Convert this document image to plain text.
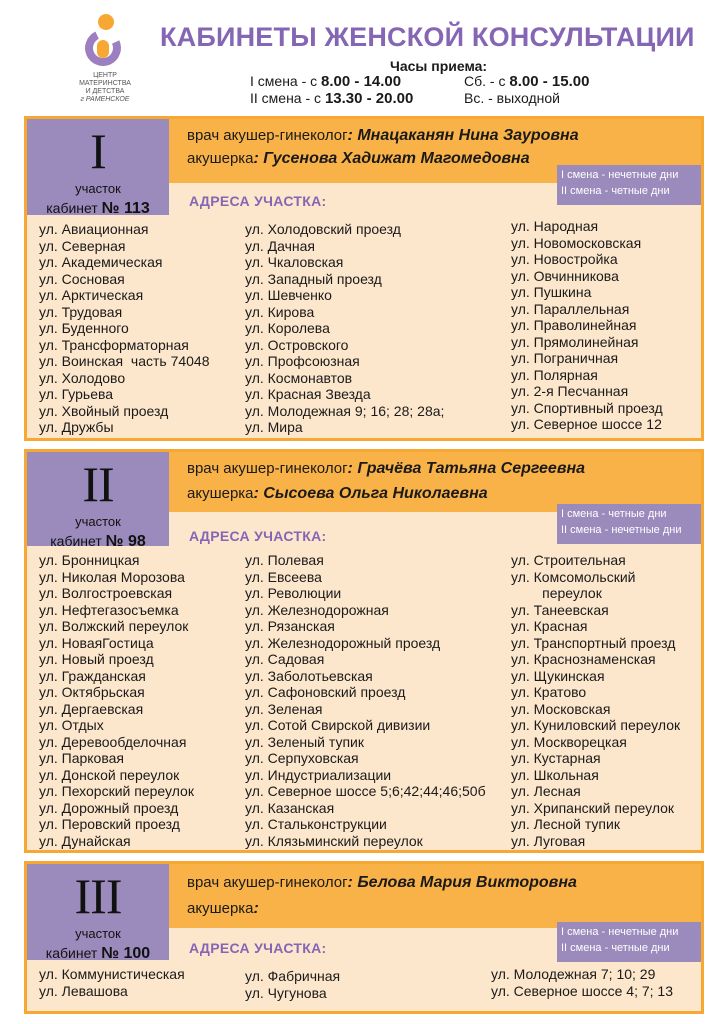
ЦЕНТР
МАТЕРИНСТВА
И ДЕТСТВА
г РАМЕНСКОЕ
КАБИНЕТЫ ЖЕНСКОЙ КОНСУЛЬТАЦИИ
Часы приема:
I смена - с 8.00 - 14.00
II смена - с 13.30 - 20.00
Сб. - с 8.00 - 15.00
Вс. - выходной
I
участок
кабинет № 113
врач акушер-гинеколог: Мнацаканян Нина Зауровна
акушерка: Гусенова Хадижат Магомедовна
I смена - нечетные дни
II смена - четные дни
АДРЕСА УЧАСТКА:
ул. Авиационная
ул. Северная
ул. Академическая
ул. Сосновая
ул. Арктическая
ул. Трудовая
ул. Буденного
ул. Трансформаторная
ул. Воинская  часть 74048
ул. Холодово
ул. Гурьева
ул. Хвойный проезд
ул. Дружбы
ул. Холодовский проезд
ул. Дачная
ул. Чкаловская
ул. Западный проезд
ул. Шевченко
ул. Кирова
ул. Королева
ул. Островского
ул. Профсоюзная
ул. Космонавтов
ул. Красная Звезда
ул. Молодежная 9; 16; 28; 28а;
ул. Мира
ул. Народная
ул. Новомосковская
ул. Новостройка
ул. Овчинникова
ул. Пушкина
ул. Параллельная
ул. Праволинейная
ул. Прямолинейная
ул. Пограничная
ул. Полярная
ул. 2-я Песчанная
ул. Спортивный проезд
ул. Северное шоссе 12
II
участок
кабинет № 98
врач акушер-гинеколог: Грачёва Татьяна Сергеевна
акушерка: Сысоева Ольга Николаевна
I смена - четные дни
II смена - нечетные дни
АДРЕСА УЧАСТКА:
ул. Бронницкая
ул. Николая Морозова
ул. Волгостроевская
ул. Нефтегазосъемка
ул. Волжский переулок
ул. НоваяГостица
ул. Новый проезд
ул. Гражданская
ул. Октябрьская
ул. Дергаевская
ул. Отдых
ул. Деревообделочная
ул. Парковая
ул. Донской переулок
ул. Пехорский переулок
ул. Дорожный проезд
ул. Перовский проезд
ул. Дунайская
ул. Полевая
ул. Евсеева
ул. Революции
ул. Железнодорожная
ул. Рязанская
ул. Железнодорожный проезд
ул. Садовая
ул. Заболотьевская
ул. Сафоновский проезд
ул. Зеленая
ул. Сотой Свирской дивизии
ул. Зеленый тупик
ул. Серпуховская
ул. Индустриализации
ул. Северное шоссе 5;6;42;44;46;50б
ул. Казанская
ул. Стальконструкции
ул. Клязьминский переулок
ул. Строительная
ул. Комсомольский
переулок
ул. Танеевская
ул. Красная
ул. Транспортный проезд
ул. Краснознаменская
ул. Щукинская
ул. Кратово
ул. Московская
ул. Куниловский переулок
ул. Москворецкая
ул. Кустарная
ул. Школьная
ул. Лесная
ул. Хрипанский переулок
ул. Лесной тупик
ул. Луговая
III
участок
кабинет № 100
врач акушер-гинеколог: Белова Мария Викторовна
акушерка:
I смена - нечетные дни
II смена - четные дни
АДРЕСА УЧАСТКА:
ул. Коммунистическая
ул. Левашова
ул. Фабричная
ул. Чугунова
ул. Молодежная 7; 10; 29
ул. Северное шоссе 4; 7; 13
